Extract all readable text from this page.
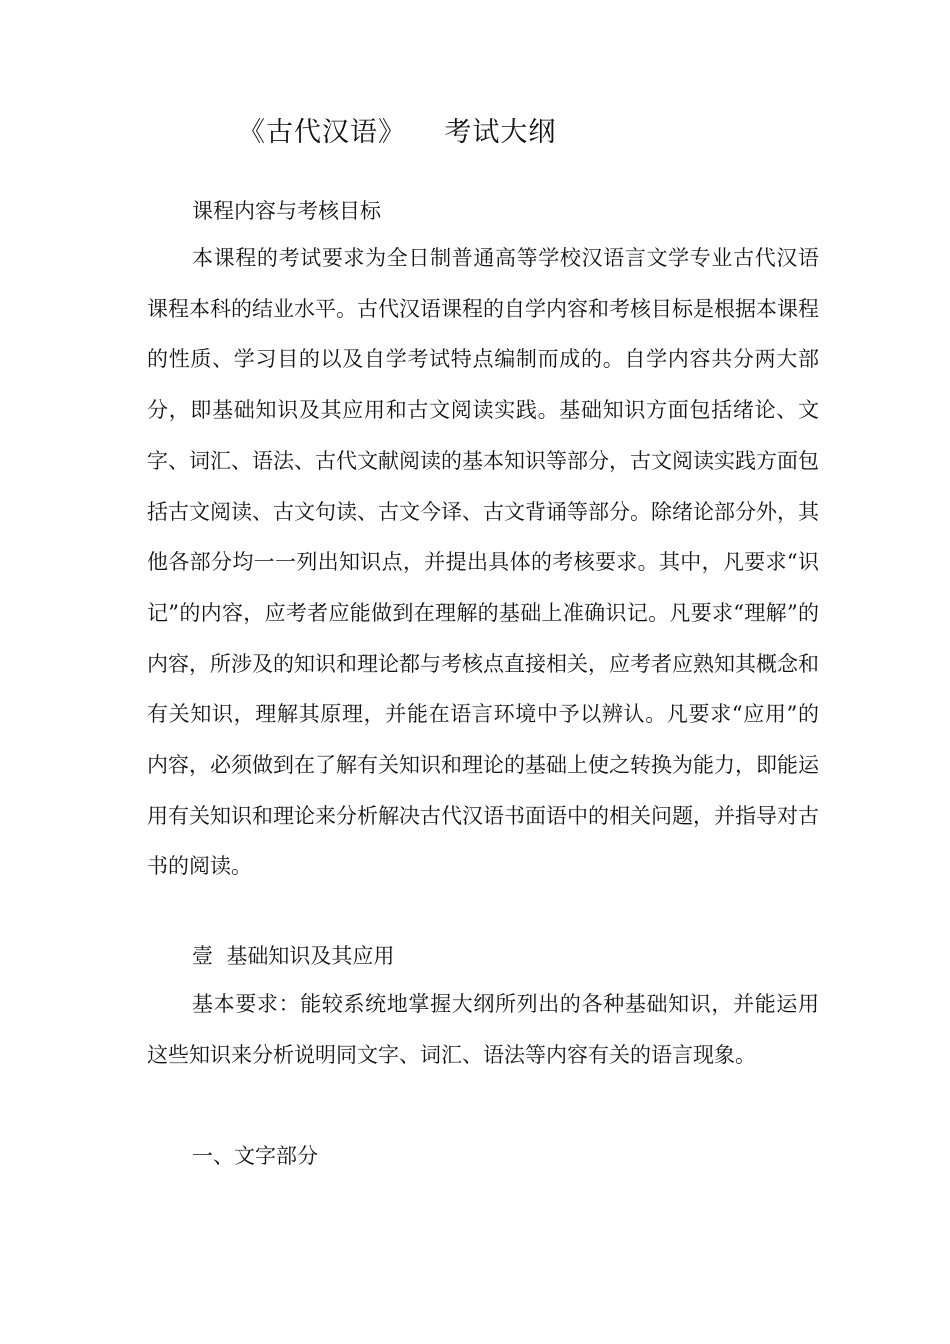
《古代汉语》    考试大纲
课程内容与考核目标

本课程的考试要求为全日制普通高等学校汉语言文学专业古代汉语课程本科的结业水平。古代汉语课程的自学内容和考核目标是根据本课程的性质、学习目的以及自学考试特点编制而成的。自学内容共分两大部分，即基础知识及其应用和古文阅读实践。基础知识方面包括绪论、文字、词汇、语法、古代文献阅读的基本知识等部分，古文阅读实践方面包括古文阅读、古文句读、古文今译、古文背诵等部分。除绪论部分外，其他各部分均一一列出知识点，并提出具体的考核要求。其中，凡要求“识记”的内容，应考者应能做到在理解的基础上准确识记。凡要求“理解”的内容，所涉及的知识和理论都与考核点直接相关，应考者应熟知其概念和有关知识，理解其原理，并能在语言环境中予以辨认。凡要求“应用”的内容，必须做到在了解有关知识和理论的基础上使之转换为能力，即能运用有关知识和理论来分析解决古代汉语书面语中的相关问题，并指导对古书的阅读。

壹  基础知识及其应用

基本要求：能较系统地掌握大纲所列出的各种基础知识，并能运用这些知识来分析说明同文字、词汇、语法等内容有关的语言现象。

一、文字部分
